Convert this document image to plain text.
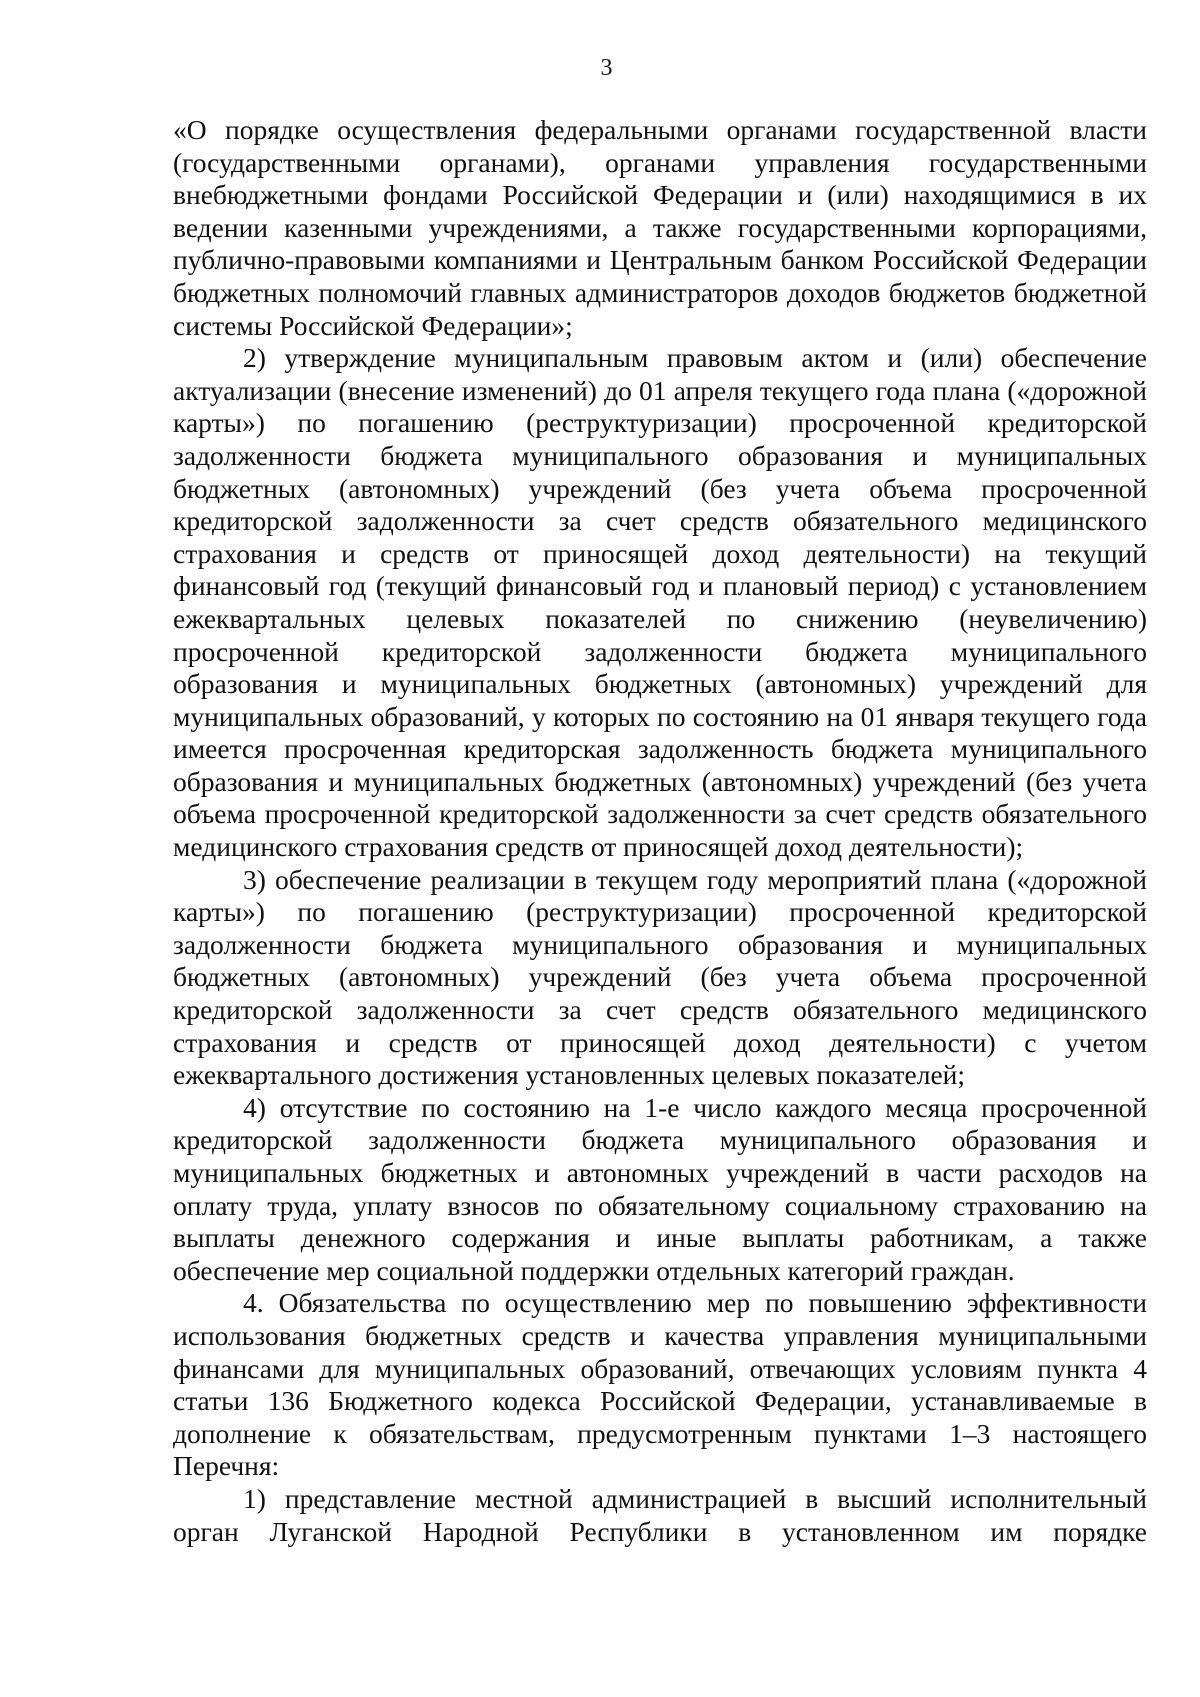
3

«О порядке осуществления федеральными органами государственной власти (государственными органами), органами управления государственными внебюджетными фондами Российской Федерации и (или) находящимися в их ведении казенными учреждениями, а также государственными корпорациями, публично-правовыми компаниями и Центральным банком Российской Федерации бюджетных полномочий главных администраторов доходов бюджетов бюджетной системы Российской Федерации»;

2) утверждение муниципальным правовым актом и (или) обеспечение актуализации (внесение изменений) до 01 апреля текущего года плана («дорожной карты») по погашению (реструктуризации) просроченной кредиторской задолженности бюджета муниципального образования и муниципальных бюджетных (автономных) учреждений (без учета объема просроченной кредиторской задолженности за счет средств обязательного медицинского страхования и средств от приносящей доход деятельности) на текущий финансовый год (текущий финансовый год и плановый период) с установлением ежеквартальных целевых показателей по снижению (неувеличению) просроченной кредиторской задолженности бюджета муниципального образования и муниципальных бюджетных (автономных) учреждений для муниципальных образований, у которых по состоянию на 01 января текущего года имеется просроченная кредиторская задолженность бюджета муниципального образования и муниципальных бюджетных (автономных) учреждений (без учета объема просроченной кредиторской задолженности за счет средств обязательного медицинского страхования средств от приносящей доход деятельности);

3) обеспечение реализации в текущем году мероприятий плана («дорожной карты») по погашению (реструктуризации) просроченной кредиторской задолженности бюджета муниципального образования и муниципальных бюджетных (автономных) учреждений (без учета объема просроченной кредиторской задолженности за счет средств обязательного медицинского страхования и средств от приносящей доход деятельности) с учетом ежеквартального достижения установленных целевых показателей;

4) отсутствие по состоянию на 1-е число каждого месяца просроченной кредиторской задолженности бюджета муниципального образования и муниципальных бюджетных и автономных учреждений в части расходов на оплату труда, уплату взносов по обязательному социальному страхованию на выплаты денежного содержания и иные выплаты работникам, а также обеспечение мер социальной поддержки отдельных категорий граждан.

4. Обязательства по осуществлению мер по повышению эффективности использования бюджетных средств и качества управления муниципальными финансами для муниципальных образований, отвечающих условиям пункта 4 статьи 136 Бюджетного кодекса Российской Федерации, устанавливаемые в дополнение к обязательствам, предусмотренным пунктами 1–3 настоящего Перечня:

1) представление местной администрацией в высший исполнительный орган Луганской Народной Республики в установленном им порядке
